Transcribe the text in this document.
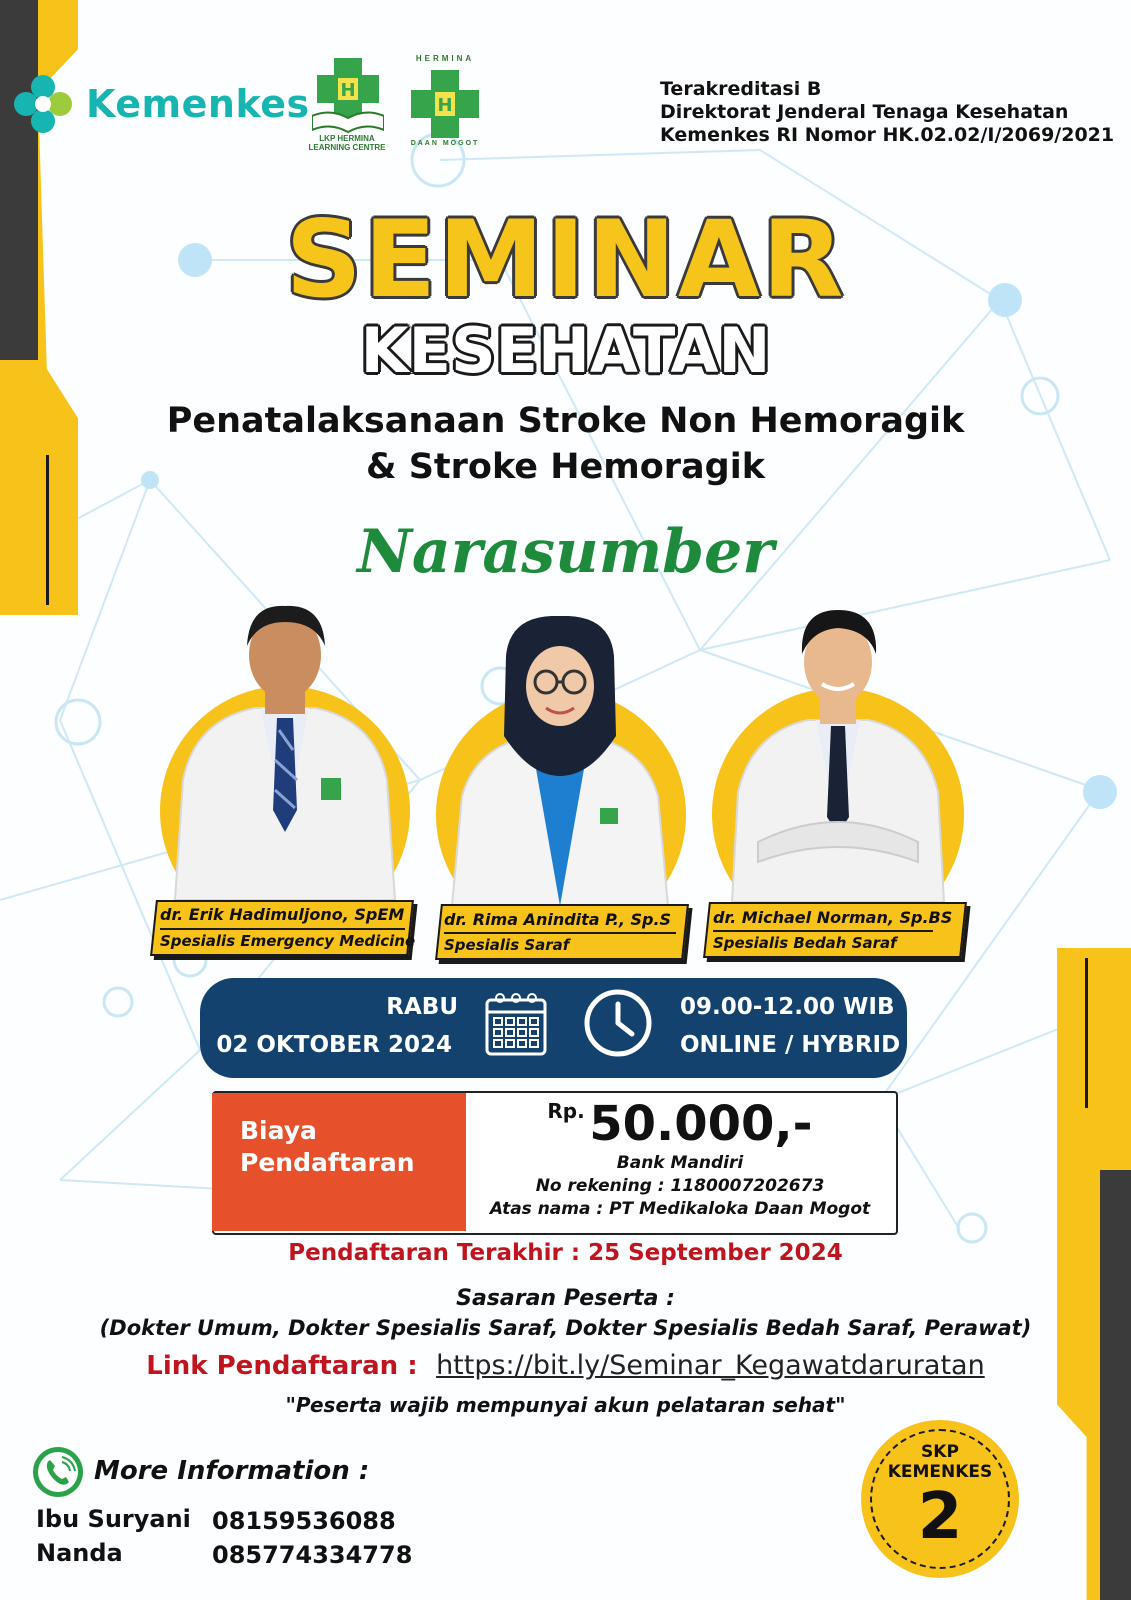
Kemenkes H
LKP HERMINA LEARNING CENTRE
HERMINA
H
DAAN MOGOT
Terakreditasi B
Direktorat Jenderal Tenaga Kesehatan
Kemenkes RI Nomor HK.02.02/I/2069/2021
SEMINAR
KESEHATAN
Penatalaksanaan Stroke Non Hemoragik
& Stroke Hemoragik
Narasumber
dr. Erik Hadimuljono, SpEM
Spesialis Emergency Medicine
dr. Rima Anindita P., Sp.S
Spesialis Saraf
dr. Michael Norman, Sp.BS
Spesialis Bedah Saraf
RABU
02 OKTOBER 2024
09.00-12.00 WIB
ONLINE / HYBRID
Biaya
Pendaftaran
Rp. 50.000,-
Bank Mandiri
No rekening : 1180007202673
Atas nama : PT Medikaloka Daan Mogot
Pendaftaran Terakhir : 25 September 2024
Sasaran Peserta :
(Dokter Umum, Dokter Spesialis Saraf, Dokter Spesialis Bedah Saraf, Perawat)
Link Pendaftaran : https://bit.ly/Seminar_Kegawatdaruratan
"Peserta wajib mempunyai akun pelataran sehat"
More Information :
Ibu Suryani
Nanda
08159536088
085774334778
SKP
KEMENKES
2
